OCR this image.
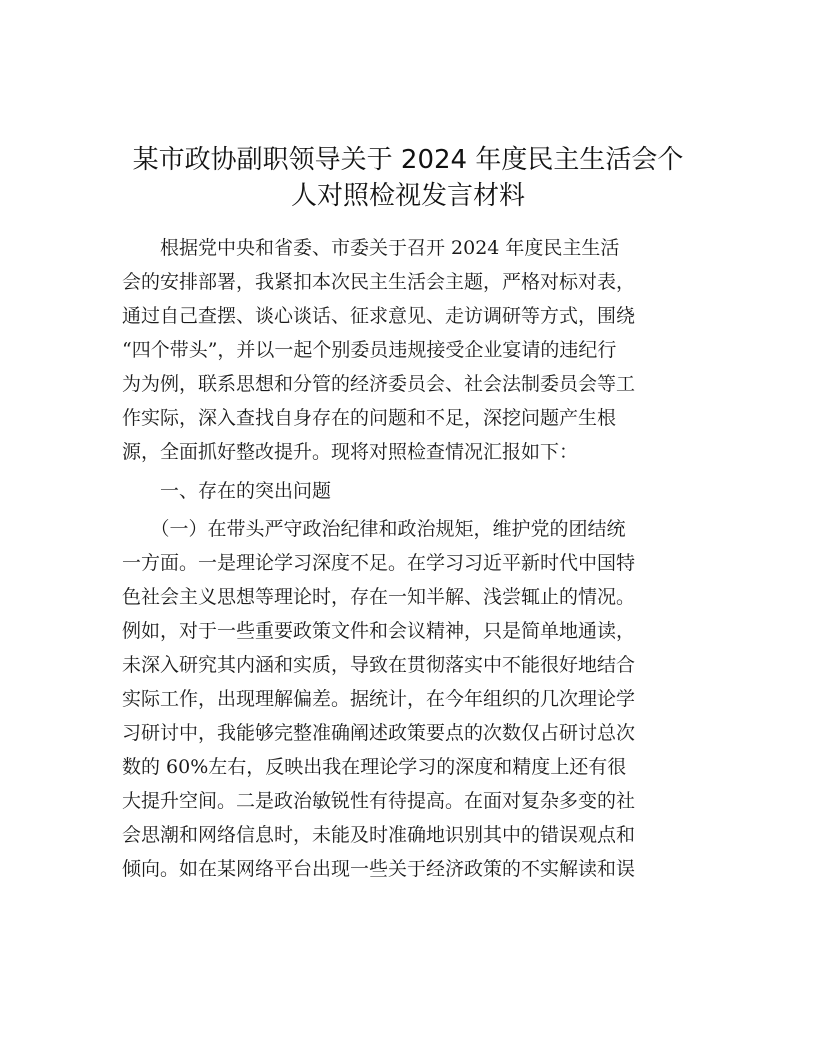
某市政协副职领导关于 2024 年度民主生活会个
人对照检视发言材料

　　根据党中央和省委、市委关于召开 2024 年度民主生活

会的安排部署，我紧扣本次民主生活会主题，严格对标对表，

通过自己查摆、谈心谈话、征求意见、走访调研等方式，围绕

“四个带头”，并以一起个别委员违规接受企业宴请的违纪行

为为例，联系思想和分管的经济委员会、社会法制委员会等工

作实际，深入查找自身存在的问题和不足，深挖问题产生根

源，全面抓好整改提升。现将对照检查情况汇报如下：

　　一、存在的突出问题

　　（一）在带头严守政治纪律和政治规矩，维护党的团结统

一方面。一是理论学习深度不足。在学习习近平新时代中国特

色社会主义思想等理论时，存在一知半解、浅尝辄止的情况。

例如，对于一些重要政策文件和会议精神，只是简单地通读，

未深入研究其内涵和实质，导致在贯彻落实中不能很好地结合

实际工作，出现理解偏差。据统计，在今年组织的几次理论学

习研讨中，我能够完整准确阐述政策要点的次数仅占研讨总次

数的 60%左右，反映出我在理论学习的深度和精度上还有很

大提升空间。二是政治敏锐性有待提高。在面对复杂多变的社

会思潮和网络信息时，未能及时准确地识别其中的错误观点和

倾向。如在某网络平台出现一些关于经济政策的不实解读和误
